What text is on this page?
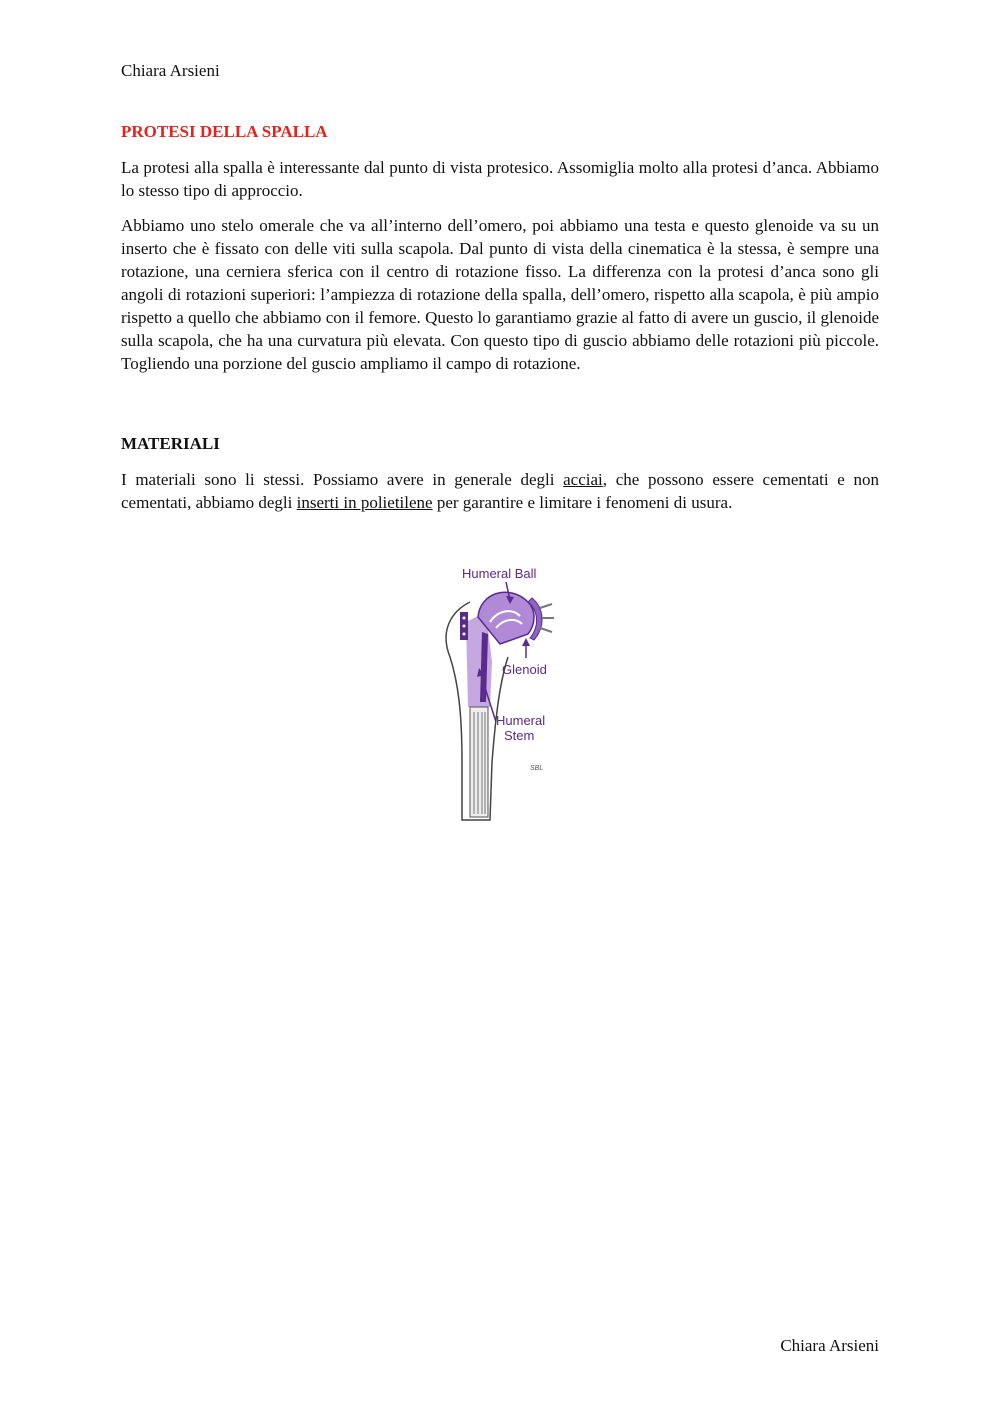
Chiara Arsieni
PROTESI DELLA SPALLA

La protesi alla spalla è interessante dal punto di vista protesico. Assomiglia molto alla protesi d’anca. Abbiamo lo stesso tipo di approccio.

Abbiamo uno stelo omerale che va all’interno dell’omero, poi abbiamo una testa e questo glenoide va su un inserto che è fissato con delle viti sulla scapola. Dal punto di vista della cinematica è la stessa, è sempre una rotazione, una cerniera sferica con il centro di rotazione fisso. La differenza con la protesi d’anca sono gli angoli di rotazioni superiori: l’ampiezza di rotazione della spalla, dell’omero, rispetto alla scapola, è più ampio rispetto a quello che abbiamo con il femore. Questo lo garantiamo grazie al fatto di avere un guscio, il glenoide sulla scapola, che ha una curvatura più elevata. Con questo tipo di guscio abbiamo delle rotazioni più piccole. Togliendo una porzione del guscio ampliamo il campo di rotazione.

MATERIALI

I materiali sono li stessi. Possiamo avere in generale degli acciai, che possono essere cementati e non cementati, abbiamo degli inserti in polietilene per garantire e limitare i fenomeni di usura.

Humeral Ball
Glenoid
Humeral
Stem
SBL
Chiara Arsieni
